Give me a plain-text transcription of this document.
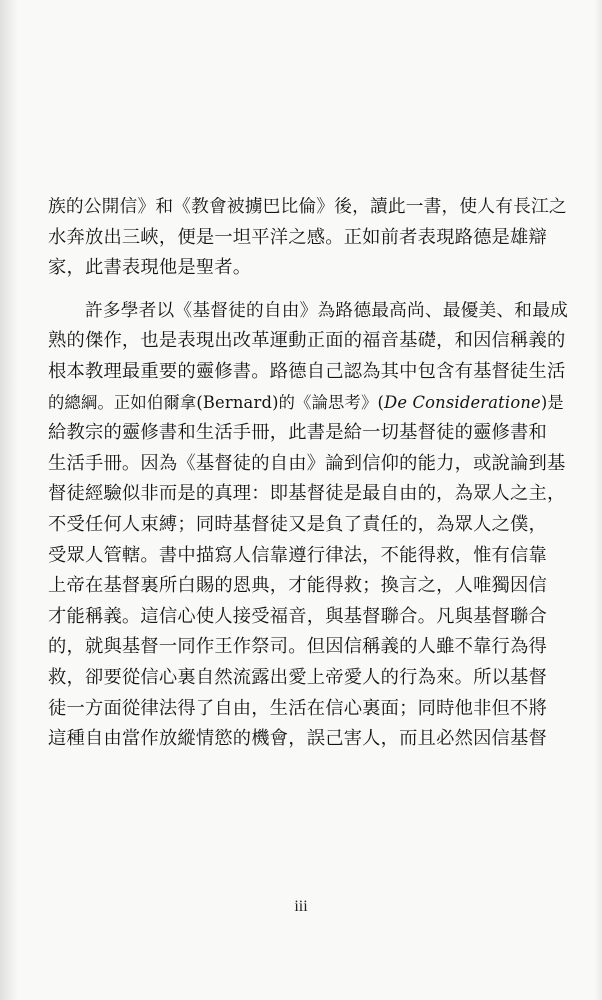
族的公開信》和《教會被擄巴比倫》後，讀此一書，使人有長江之
水奔放出三峽，便是一坦平洋之感。正如前者表現路德是雄辯
家，此書表現他是聖者。
許多學者以《基督徒的自由》為路德最高尚、最優美、和最成
熟的傑作，也是表現出改革運動正面的福音基礎，和因信稱義的
根本教理最重要的靈修書。路德自己認為其中包含有基督徒生活
的總綱。正如伯爾拿(Bernard)的《論思考》(De Consideratione)是
給教宗的靈修書和生活手冊，此書是給一切基督徒的靈修書和
生活手冊。因為《基督徒的自由》論到信仰的能力，或說論到基
督徒經驗似非而是的真理：即基督徒是最自由的，為眾人之主，
不受任何人束縛；同時基督徒又是負了責任的，為眾人之僕，
受眾人管轄。書中描寫人信靠遵行律法，不能得救，惟有信靠
上帝在基督裏所白賜的恩典，才能得救；換言之，人唯獨因信
才能稱義。這信心使人接受福音，與基督聯合。凡與基督聯合
的，就與基督一同作王作祭司。但因信稱義的人雖不靠行為得
救，卻要從信心裏自然流露出愛上帝愛人的行為來。所以基督
徒一方面從律法得了自由，生活在信心裏面；同時他非但不將
這種自由當作放縱情慾的機會，誤己害人，而且必然因信基督
iii
